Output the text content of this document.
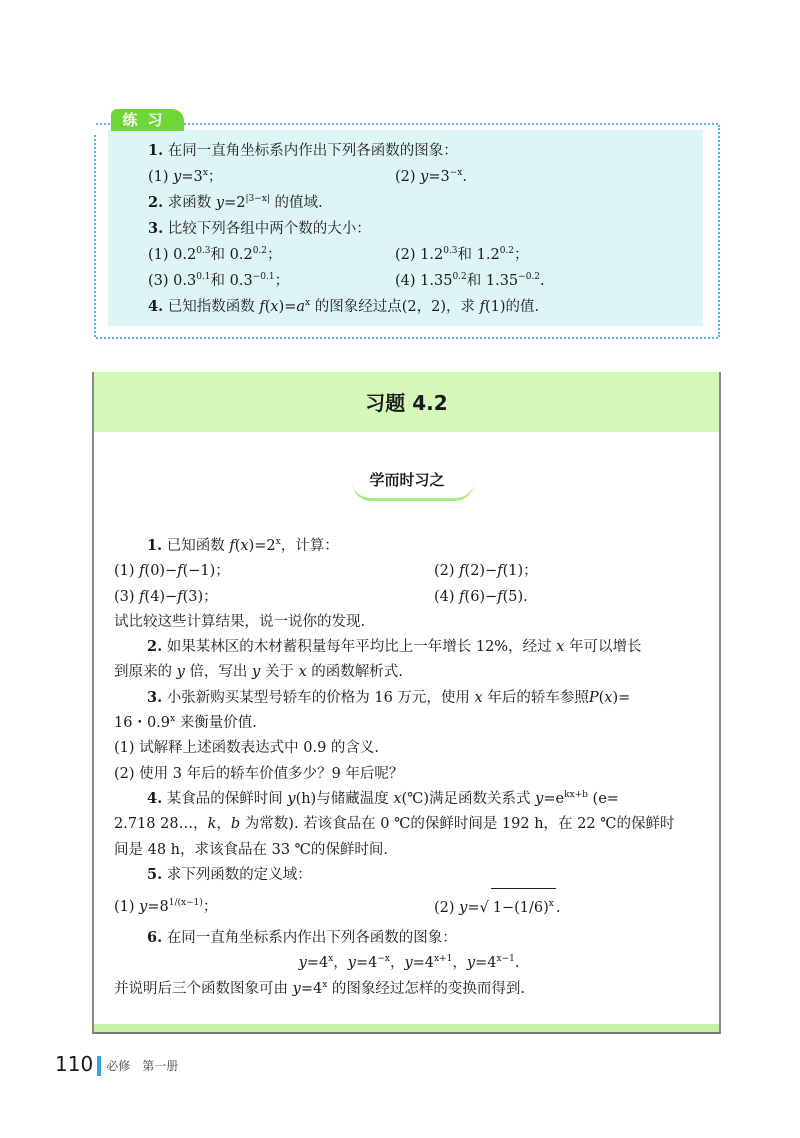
练习
1. 在同一直角坐标系内作出下列各函数的图象：
(1) $y=3^x$；	(2) $y=3^{-x}$.
2. 求函数 $y=2^{|3-x|}$ 的值域.
3. 比较下列各组中两个数的大小：
(1) $0.2^{0.3}$和 $0.2^{0.2}$；	(2) $1.2^{0.3}$和 $1.2^{0.2}$；
(3) $0.3^{0.1}$和 $0.3^{-0.1}$；	(4) $1.35^{0.2}$和 $1.35^{-0.2}$.
4. 已知指数函数 $f(x)=a^x$ 的图象经过点(2，2)，求 f(1)的值.
习题 4.2
学而时习之
1. 已知函数 $f(x)=2^x$，计算：
(1) f(0)−f(−1)；	(2) f(2)−f(1)；
(3) f(4)−f(3)；	(4) f(6)−f(5).
试比较这些计算结果，说一说你的发现.
2. 如果某林区的木材蓄积量每年平均比上一年增长 12%，经过 x 年可以增长
到原来的 y 倍，写出 y 关于 x 的函数解析式.
3. 小张新购买某型号轿车的价格为 16 万元，使用 x 年后的轿车参照P(x)=
16・0.9$^x$ 来衡量价值.
(1) 试解释上述函数表达式中 0.9 的含义.
(2) 使用 3 年后的轿车价值多少？9 年后呢？
4. 某食品的保鲜时间 y(h)与储藏温度 x(℃)满足函数关系式 $y=e^{kx+b}$ (e=
2.718 28…，k，b 为常数). 若该食品在 0 ℃的保鲜时间是 192 h，在 22 ℃的保鲜时
间是 48 h，求该食品在 33 ℃的保鲜时间.
5. 求下列函数的定义域：
(1) $y=8^{1/(x-1)}$；	(2) y=√ $1-(1/6)^x$ .
6. 在同一直角坐标系内作出下列各函数的图象：
$y=4^x$，$y=4^{-x}$，$y=4^{x+1}$，$y=4^{x-1}$.
并说明后三个函数图象可由 $y=4^x$ 的图象经过怎样的变换而得到.
110 必修　第一册
